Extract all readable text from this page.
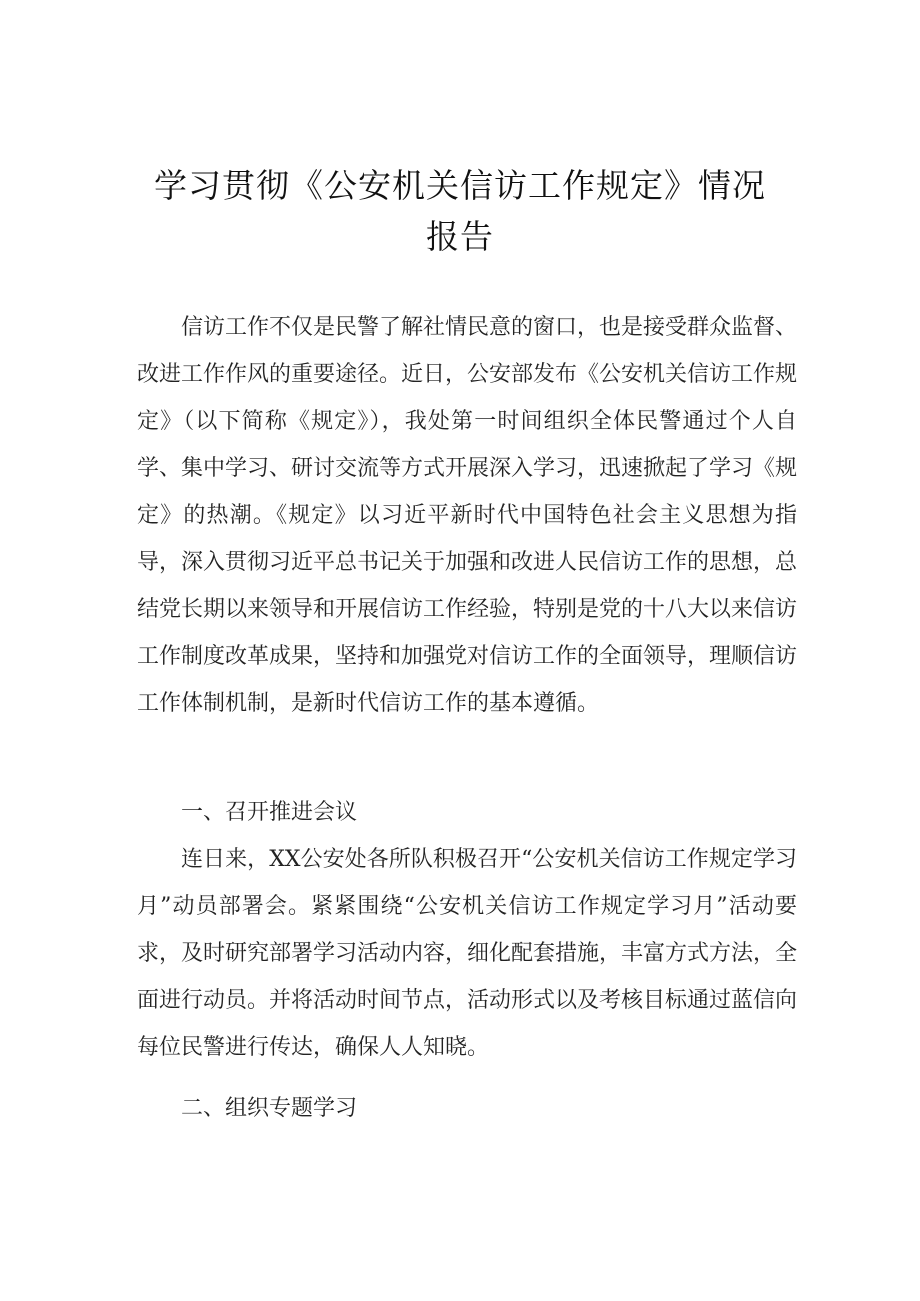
学习贯彻《公安机关信访工作规定》情况
报告

信访工作不仅是民警了解社情民意的窗口，也是接受群众监督、改进工作作风的重要途径。近日，公安部发布《公安机关信访工作规定》（以下简称《规定》），我处第一时间组织全体民警通过个人自学、集中学习、研讨交流等方式开展深入学习，迅速掀起了学习《规定》的热潮。《规定》以习近平新时代中国特色社会主义思想为指导，深入贯彻习近平总书记关于加强和改进人民信访工作的思想，总结党长期以来领导和开展信访工作经验，特别是党的十八大以来信访工作制度改革成果，坚持和加强党对信访工作的全面领导，理顺信访工作体制机制，是新时代信访工作的基本遵循。

一、召开推进会议

连日来，XX公安处各所队积极召开“公安机关信访工作规定学习月”动员部署会。紧紧围绕“公安机关信访工作规定学习月”活动要求，及时研究部署学习活动内容，细化配套措施，丰富方式方法，全面进行动员。并将活动时间节点，活动形式以及考核目标通过蓝信向每位民警进行传达，确保人人知晓。

二、组织专题学习
